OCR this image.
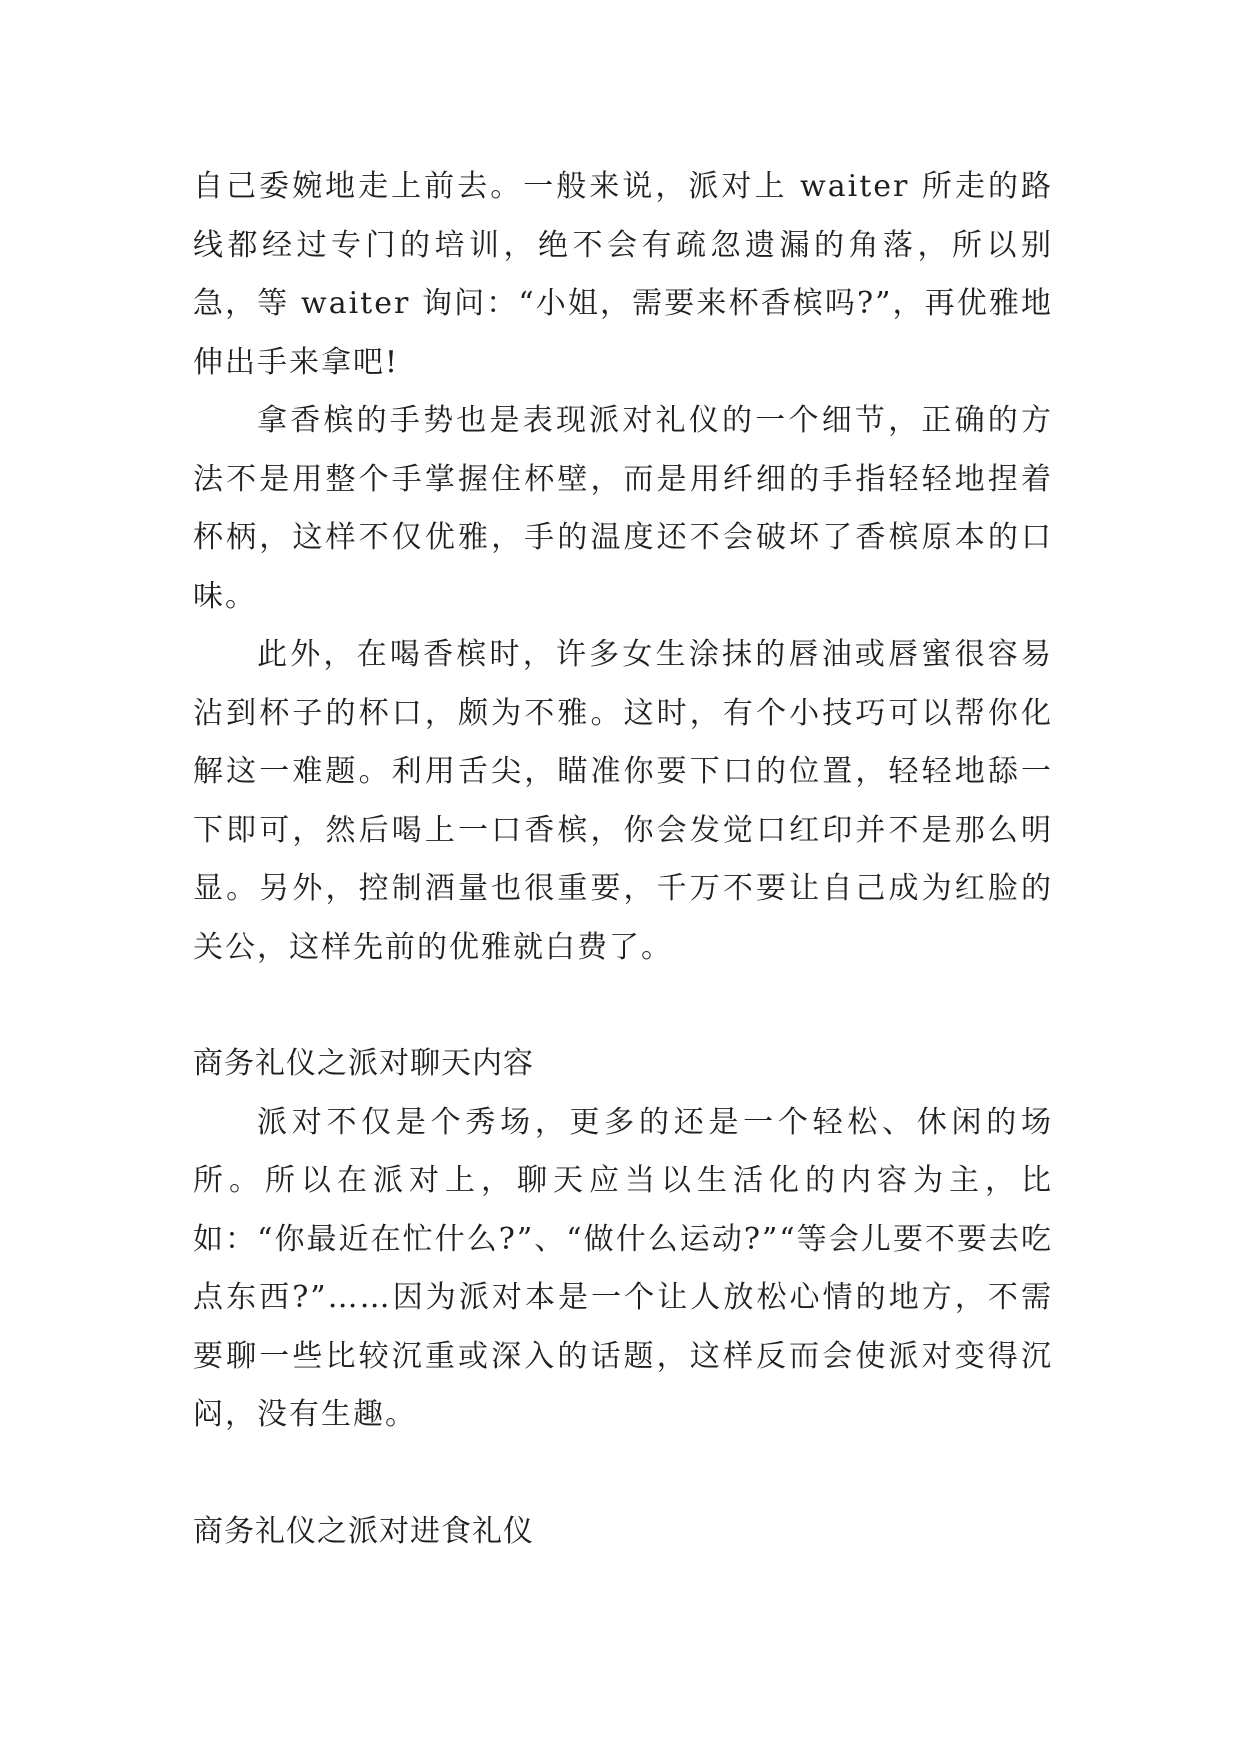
自己委婉地走上前去。一般来说，派对上 waiter 所走的路线都经过专门的培训，绝不会有疏忽遗漏的角落，所以别急，等 waiter 询问：“小姐，需要来杯香槟吗?”，再优雅地伸出手来拿吧!

拿香槟的手势也是表现派对礼仪的一个细节，正确的方法不是用整个手掌握住杯壁，而是用纤细的手指轻轻地捏着杯柄，这样不仅优雅，手的温度还不会破坏了香槟原本的口味。

此外，在喝香槟时，许多女生涂抹的唇油或唇蜜很容易沾到杯子的杯口，颇为不雅。这时，有个小技巧可以帮你化解这一难题。利用舌尖，瞄准你要下口的位置，轻轻地舔一下即可，然后喝上一口香槟，你会发觉口红印并不是那么明显。另外，控制酒量也很重要，千万不要让自己成为红脸的关公，这样先前的优雅就白费了。

商务礼仪之派对聊天内容

派对不仅是个秀场，更多的还是一个轻松、休闲的场所。所以在派对上，聊天应当以生活化的内容为主，比如：“你最近在忙什么?”、“做什么运动?”“等会儿要不要去吃点东西?”……因为派对本是一个让人放松心情的地方，不需要聊一些比较沉重或深入的话题，这样反而会使派对变得沉闷，没有生趣。

商务礼仪之派对进食礼仪
